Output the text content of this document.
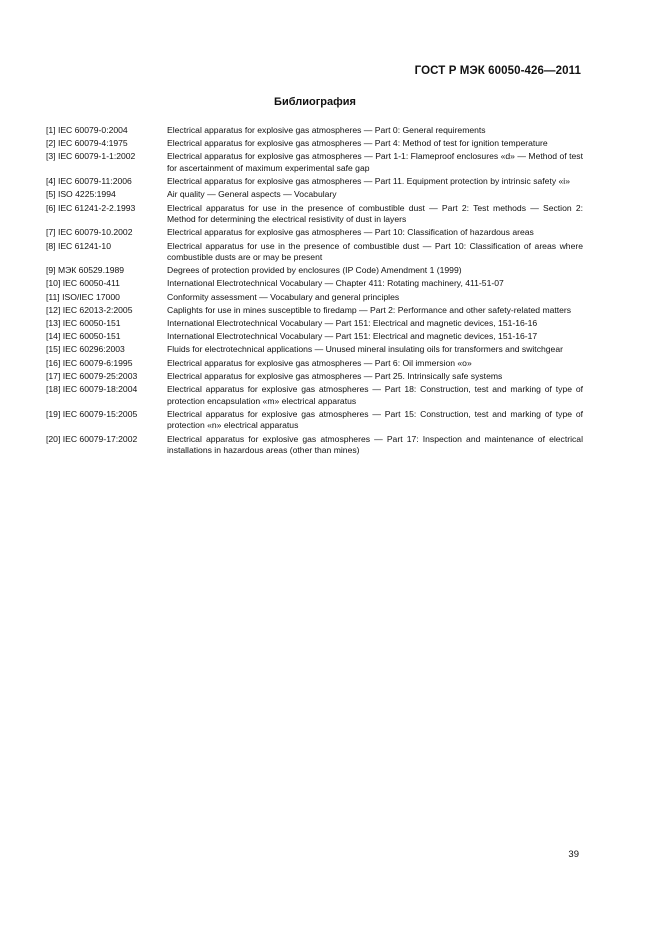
ГОСТ Р МЭК 60050-426—2011
Библиография
[1] IEC 60079-0:2004	Electrical apparatus for explosive gas atmospheres — Part 0: General requirements
[2] IEC 60079-4:1975	Electrical apparatus for explosive gas atmospheres — Part 4: Method of test for ignition temperature
[3] IEC 60079-1-1:2002	Electrical apparatus for explosive gas atmospheres — Part 1-1: Flameproof enclosures «d» — Method of test for ascertainment of maximum experimental safe gap
[4] IEC 60079-11:2006	Electrical apparatus for explosive gas atmospheres — Part 11. Equipment protection by intrinsic safety «i»
[5] ISO 4225:1994	Air quality — General aspects — Vocabulary
[6] IEC 61241-2-2.1993	Electrical apparatus for use in the presence of combustible dust — Part 2: Test methods — Section 2: Method for determining the electrical resistivity of dust in layers
[7] IEC 60079-10.2002	Electrical apparatus for explosive gas atmospheres — Part 10: Classification of hazardous areas
[8] IEC 61241-10	Electrical apparatus for use in the presence of combustible dust — Part 10: Classification of areas where combustible dusts are or may be present
[9] МЭК 60529.1989	Degrees of protection provided by enclosures (IP Code) Amendment 1 (1999)
[10] IEC 60050-411	International Electrotechnical Vocabulary — Chapter 411: Rotating machinery, 411-51-07
[11] ISO/IEC 17000	Conformity assessment — Vocabulary and general principles
[12] IEC 62013-2:2005	Caplights for use in mines susceptible to firedamp — Part 2: Performance and other safety-related matters
[13] IEC 60050-151	International Electrotechnical Vocabulary — Part 151: Electrical and magnetic devices, 151-16-16
[14] IEC 60050-151	International Electrotechnical Vocabulary — Part 151: Electrical and magnetic devices, 151-16-17
[15] IEC 60296:2003	Fluids for electrotechnical applications — Unused mineral insulating oils for transformers and switchgear
[16] IEC 60079-6:1995	Electrical apparatus for explosive gas atmospheres — Part 6: Oil immersion «o»
[17] IEC 60079-25:2003	Electrical apparatus for explosive gas atmospheres — Part 25. Intrinsically safe systems
[18] IEC 60079-18:2004	Electrical apparatus for explosive gas atmospheres — Part 18: Construction, test and marking of type of protection encapsulation «m» electrical apparatus
[19] IEC 60079-15:2005	Electrical apparatus for explosive gas atmospheres — Part 15: Construction, test and marking of type of protection «n» electrical apparatus
[20] IEC 60079-17:2002	Electrical apparatus for explosive gas atmospheres — Part 17: Inspection and maintenance of electrical installations in hazardous areas (other than mines)
39
